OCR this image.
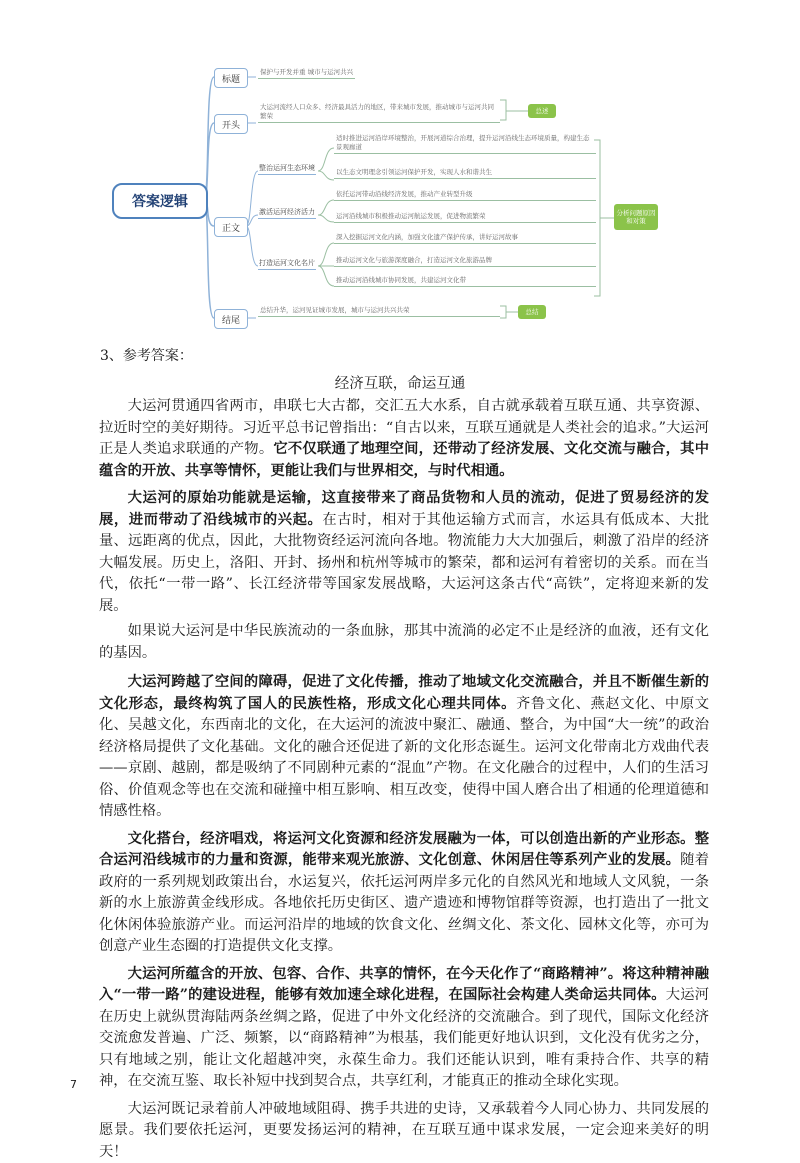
答案逻辑
标题
保护与开发并重 城市与运河共兴
开头
大运河流经人口众多、经济最具活力的地区，带来城市发展，推动城市与运河共同繁荣
总述
正文
整治运河生态环境
激活运河经济活力
打造运河文化名片
适时推进运河沿岸环境整治，开展河道综合治理，提升运河沿线生态环境质量，构建生态景观廊道
以生态文明理念引领运河保护开发，实现人水和谐共生
依托运河带动沿线经济发展，推动产业转型升级
运河沿线城市积极推动运河航运发展，促进物流繁荣
深入挖掘运河文化内涵，加强文化遗产保护传承，讲好运河故事
推动运河文化与旅游深度融合，打造运河文化旅游品牌
推动运河沿线城市协同发展，共建运河文化带
分析问题原因和对策
结尾
总结升华，运河见证城市发展，城市与运河共兴共荣	总结
3、参考答案：
经济互联，命运互通

大运河贯通四省两市，串联七大古都，交汇五大水系，自古就承载着互联互通、共享资源、拉近时空的美好期待。习近平总书记曾指出：“自古以来，互联互通就是人类社会的追求。”大运河正是人类追求联通的产物。它不仅联通了地理空间，还带动了经济发展、文化交流与融合，其中蕴含的开放、共享等情怀，更能让我们与世界相交，与时代相通。

大运河的原始功能就是运输，这直接带来了商品货物和人员的流动，促进了贸易经济的发展，进而带动了沿线城市的兴起。在古时，相对于其他运输方式而言，水运具有低成本、大批量、远距离的优点，因此，大批物资经运河流向各地。物流能力大大加强后，刺激了沿岸的经济大幅发展。历史上，洛阳、开封、扬州和杭州等城市的繁荣，都和运河有着密切的关系。而在当代，依托“一带一路”、长江经济带等国家发展战略，大运河这条古代“高铁”，定将迎来新的发展。

如果说大运河是中华民族流动的一条血脉，那其中流淌的必定不止是经济的血液，还有文化的基因。

大运河跨越了空间的障碍，促进了文化传播，推动了地域文化交流融合，并且不断催生新的文化形态，最终构筑了国人的民族性格，形成文化心理共同体。齐鲁文化、燕赵文化、中原文化、吴越文化，东西南北的文化，在大运河的流波中聚汇、融通、整合，为中国“大一统”的政治经济格局提供了文化基础。文化的融合还促进了新的文化形态诞生。运河文化带南北方戏曲代表——京剧、越剧，都是吸纳了不同剧种元素的“混血”产物。在文化融合的过程中，人们的生活习俗、价值观念等也在交流和碰撞中相互影响、相互改变，使得中国人磨合出了相通的伦理道德和情感性格。

文化搭台，经济唱戏，将运河文化资源和经济发展融为一体，可以创造出新的产业形态。整合运河沿线城市的力量和资源，能带来观光旅游、文化创意、休闲居住等系列产业的发展。随着政府的一系列规划政策出台，水运复兴，依托运河两岸多元化的自然风光和地域人文风貌，一条新的水上旅游黄金线形成。各地依托历史街区、遗产遗迹和博物馆群等资源，也打造出了一批文化休闲体验旅游产业。而运河沿岸的地域的饮食文化、丝绸文化、茶文化、园林文化等，亦可为创意产业生态圈的打造提供文化支撑。

大运河所蕴含的开放、包容、合作、共享的情怀，在今天化作了“商路精神”。将这种精神融入“一带一路”的建设进程，能够有效加速全球化进程，在国际社会构建人类命运共同体。大运河在历史上就纵贯海陆两条丝绸之路，促进了中外文化经济的交流融合。到了现代，国际文化经济交流愈发普遍、广泛、频繁，以“商路精神”为根基，我们能更好地认识到，文化没有优劣之分，只有地域之别，能让文化超越冲突，永葆生命力。我们还能认识到，唯有秉持合作、共享的精神，在交流互鉴、取长补短中找到契合点，共享红利，才能真正的推动全球化实现。

大运河既记录着前人冲破地域阻碍、携手共进的史诗，又承载着今人同心协力、共同发展的愿景。我们要依托运河，更要发扬运河的精神，在互联互通中谋求发展，一定会迎来美好的明天！

7
